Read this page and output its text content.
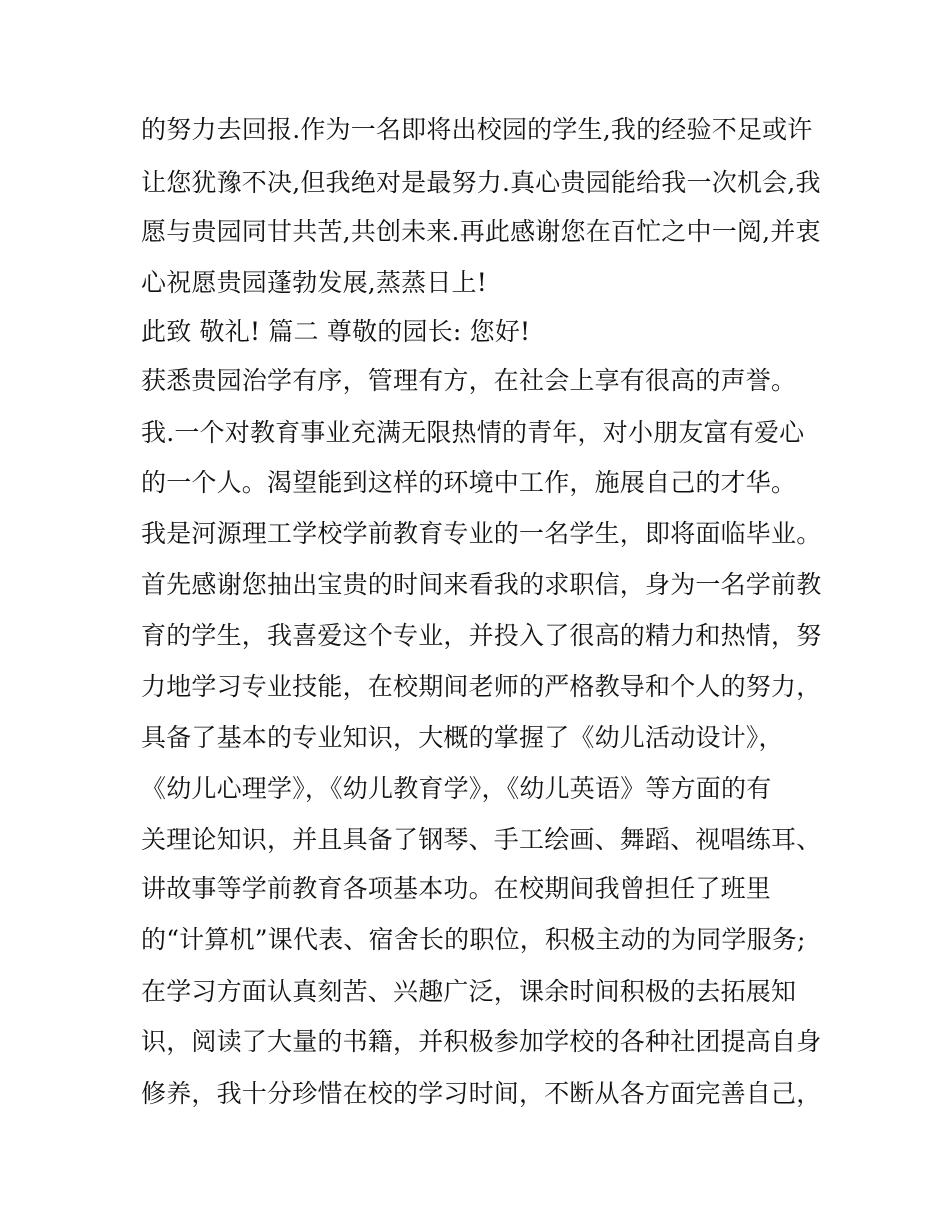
的努力去回报.作为一名即将出校园的学生,我的经验不足或许
让您犹豫不决,但我绝对是最努力.真心贵园能给我一次机会,我
愿与贵园同甘共苦,共创未来.再此感谢您在百忙之中一阅,并衷
心祝愿贵园蓬勃发展,蒸蒸日上!
此致 敬礼! 篇二 尊敬的园长: 您好!
获悉贵园治学有序，管理有方，在社会上享有很高的声誉。
我.一个对教育事业充满无限热情的青年，对小朋友富有爱心
的一个人。渴望能到这样的环境中工作，施展自己的才华。
我是河源理工学校学前教育专业的一名学生，即将面临毕业。
首先感谢您抽出宝贵的时间来看我的求职信，身为一名学前教
育的学生，我喜爱这个专业，并投入了很高的精力和热情，努
力地学习专业技能，在校期间老师的严格教导和个人的努力，
具备了基本的专业知识，大概的掌握了《幼儿活动设计》，
《幼儿心理学》，《幼儿教育学》，《幼儿英语》等方面的有
关理论知识，并且具备了钢琴、手工绘画、舞蹈、视唱练耳、
讲故事等学前教育各项基本功。在校期间我曾担任了班里
的“计算机”课代表、宿舍长的职位，积极主动的为同学服务;
在学习方面认真刻苦、兴趣广泛，课余时间积极的去拓展知
识，阅读了大量的书籍，并积极参加学校的各种社团提高自身
修养，我十分珍惜在校的学习时间，不断从各方面完善自己，
